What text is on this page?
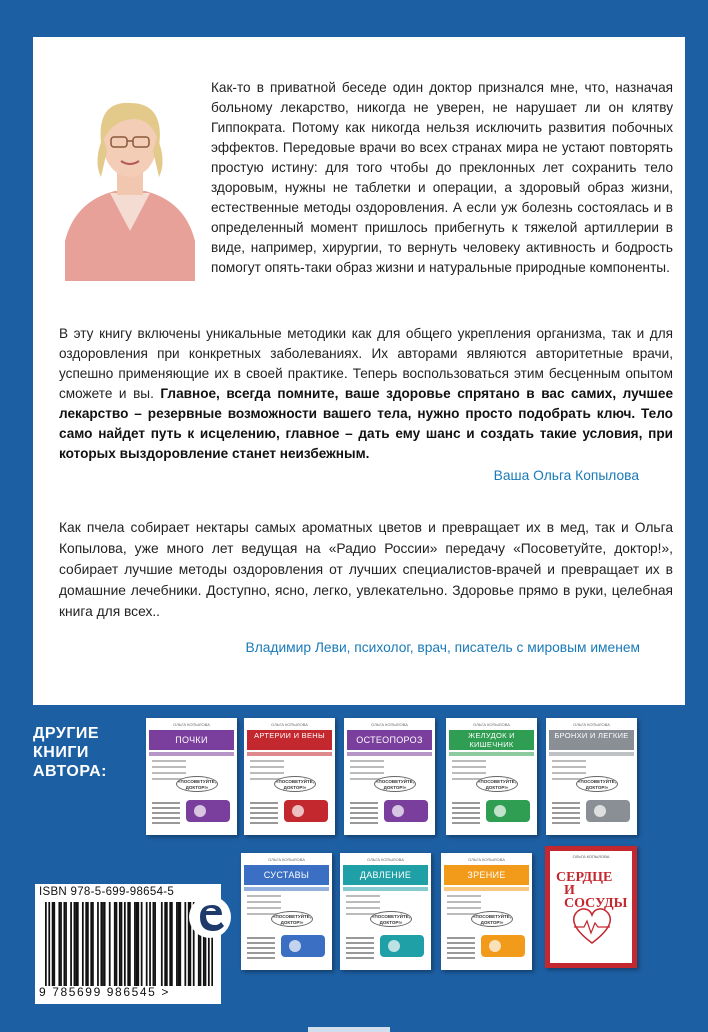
Как-то в приватной беседе один доктор признался мне, что, назначая больному лекарство, никогда не уверен, не нарушает ли он клятву Гиппократа. Потому как никогда нельзя исключить развития побочных эффектов. Передовые врачи во всех странах мира не устают повторять простую истину: для того чтобы до преклонных лет сохранить тело здоровым, нужны не таблетки и операции, а здоровый образ жизни, естественные методы оздоровления. А если уж болезнь состоялась и в определенный момент пришлось прибегнуть к тяжелой артиллерии в виде, например, хирургии, то вернуть человеку активность и бодрость помогут опять-таки образ жизни и натуральные природные компоненты.
В эту книгу включены уникальные методики как для общего укрепления организма, так и для оздоровления при конкретных заболеваниях. Их авторами являются авторитетные врачи, успешно применяющие их в своей практике. Теперь воспользоваться этим бесценным опытом сможете и вы. Главное, всегда помните, ваше здоровье спрятано в вас самих, лучшее лекарство – резервные возможности вашего тела, нужно просто подобрать ключ. Тело само найдет путь к исцелению, главное – дать ему шанс и создать такие условия, при которых выздоровление станет неизбежным.
Ваша Ольга Копылова
Как пчела собирает нектары самых ароматных цветов и превращает их в мед, так и Ольга Копылова, уже много лет ведущая на «Радио России» передачу «Посоветуйте, доктор!», собирает лучшие методы оздоровления от лучших специалистов-врачей и превращает их в домашние лечебники. Доступно, ясно, легко, увлекательно. Здоровье прямо в руки, целебная книга для всех..
Владимир Леви, психолог, врач, писатель с мировым именем
ДРУГИЕ
КНИГИ
АВТОРА:
ОЛЬГА КОПЫЛОВА
ПОЧКИ
«ПОСОВЕТУЙТЕ, ДОКТОР!»
ОЛЬГА КОПЫЛОВА
АРТЕРИИ И ВЕНЫ
«ПОСОВЕТУЙТЕ, ДОКТОР!»
ОЛЬГА КОПЫЛОВА
ОСТЕОПОРОЗ
«ПОСОВЕТУЙТЕ, ДОКТОР!»
ОЛЬГА КОПЫЛОВА
ЖЕЛУДОК И КИШЕЧНИК
«ПОСОВЕТУЙТЕ, ДОКТОР!»
ОЛЬГА КОПЫЛОВА
БРОНХИ И ЛЕГКИЕ
«ПОСОВЕТУЙТЕ, ДОКТОР!»
ОЛЬГА КОПЫЛОВА
СУСТАВЫ
«ПОСОВЕТУЙТЕ, ДОКТОР!»
ОЛЬГА КОПЫЛОВА
ДАВЛЕНИЕ
«ПОСОВЕТУЙТЕ, ДОКТОР!»
ОЛЬГА КОПЫЛОВА
ЗРЕНИЕ
«ПОСОВЕТУЙТЕ, ДОКТОР!»
ОЛЬГА КОПЫЛОВА
СЕРДЦЕ
И СОСУДЫ
ISBN 978-5-699-98654-5
9 785699 986545 >
